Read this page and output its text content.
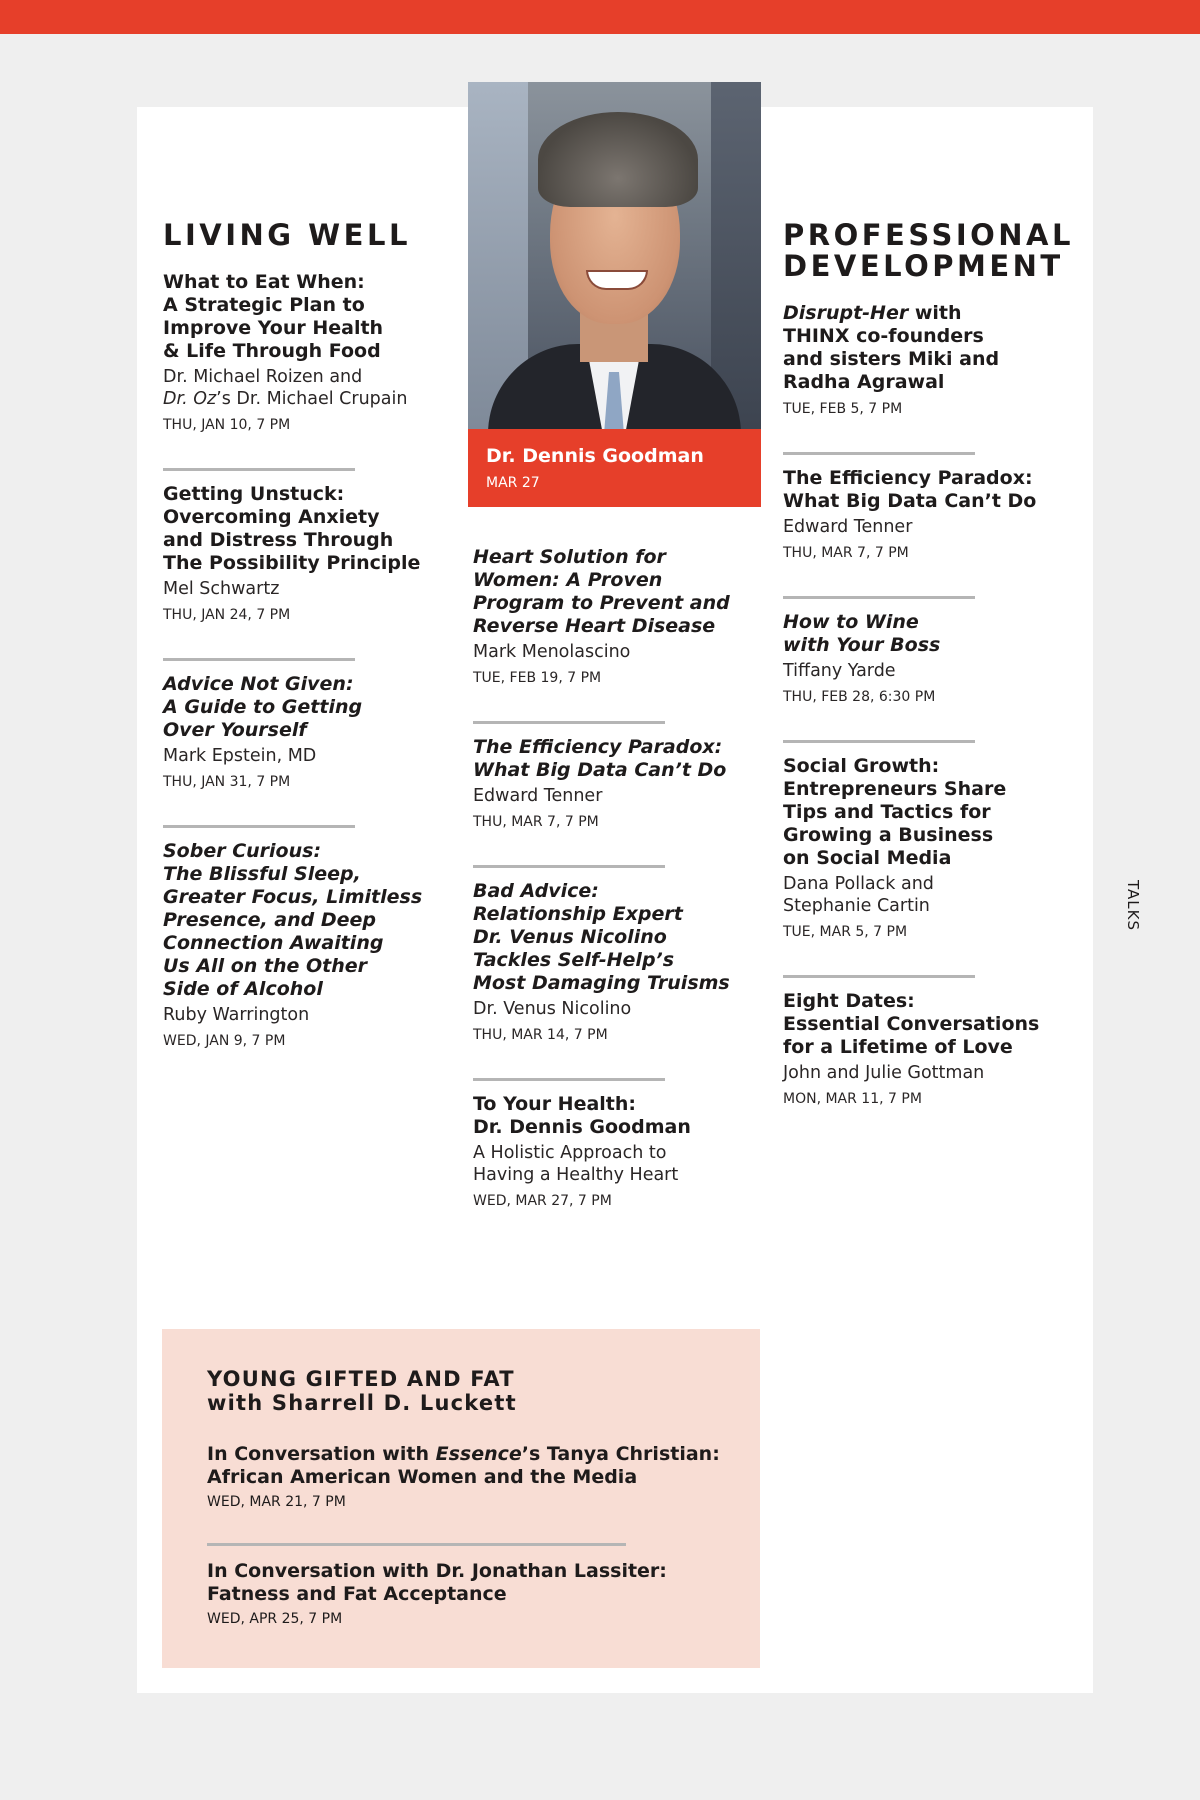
Dr. Dennis Goodman
MAR 27
LIVING WELL
What to Eat When:
A Strategic Plan to
Improve Your Health
& Life Through Food
Dr. Michael Roizen and
Dr. Oz’s Dr. Michael Crupain
THU, JAN 10, 7 PM
Getting Unstuck:
Overcoming Anxiety
and Distress Through
The Possibility Principle
Mel Schwartz
THU, JAN 24, 7 PM
Advice Not Given:
A Guide to Getting
Over Yourself
Mark Epstein, MD
THU, JAN 31, 7 PM
Sober Curious:
The Blissful Sleep,
Greater Focus, Limitless
Presence, and Deep
Connection Awaiting
Us All on the Other
Side of Alcohol
Ruby Warrington
WED, JAN 9, 7 PM
Heart Solution for
Women: A Proven
Program to Prevent and
Reverse Heart Disease
Mark Menolascino
TUE, FEB 19, 7 PM
The Efficiency Paradox:
What Big Data Can’t Do
Edward Tenner
THU, MAR 7, 7 PM
Bad Advice:
Relationship Expert
Dr. Venus Nicolino
Tackles Self-Help’s
Most Damaging Truisms
Dr. Venus Nicolino
THU, MAR 14, 7 PM
To Your Health:
Dr. Dennis Goodman
A Holistic Approach to
Having a Healthy Heart
WED, MAR 27, 7 PM
PROFESSIONAL
DEVELOPMENT
Disrupt-Her with
THINX co-founders
and sisters Miki and
Radha Agrawal
TUE, FEB 5, 7 PM
The Efficiency Paradox:
What Big Data Can’t Do
Edward Tenner
THU, MAR 7, 7 PM
How to Wine
with Your Boss
Tiffany Yarde
THU, FEB 28, 6:30 PM
Social Growth:
Entrepreneurs Share
Tips and Tactics for
Growing a Business
on Social Media
Dana Pollack and
Stephanie Cartin
TUE, MAR 5, 7 PM
Eight Dates:
Essential Conversations
for a Lifetime of Love
John and Julie Gottman
MON, MAR 11, 7 PM
TALKS
YOUNG GIFTED AND FAT
with Sharrell D. Luckett
In Conversation with Essence’s Tanya Christian:
African American Women and the Media
WED, MAR 21, 7 PM
In Conversation with Dr. Jonathan Lassiter:
Fatness and Fat Acceptance
WED, APR 25, 7 PM
